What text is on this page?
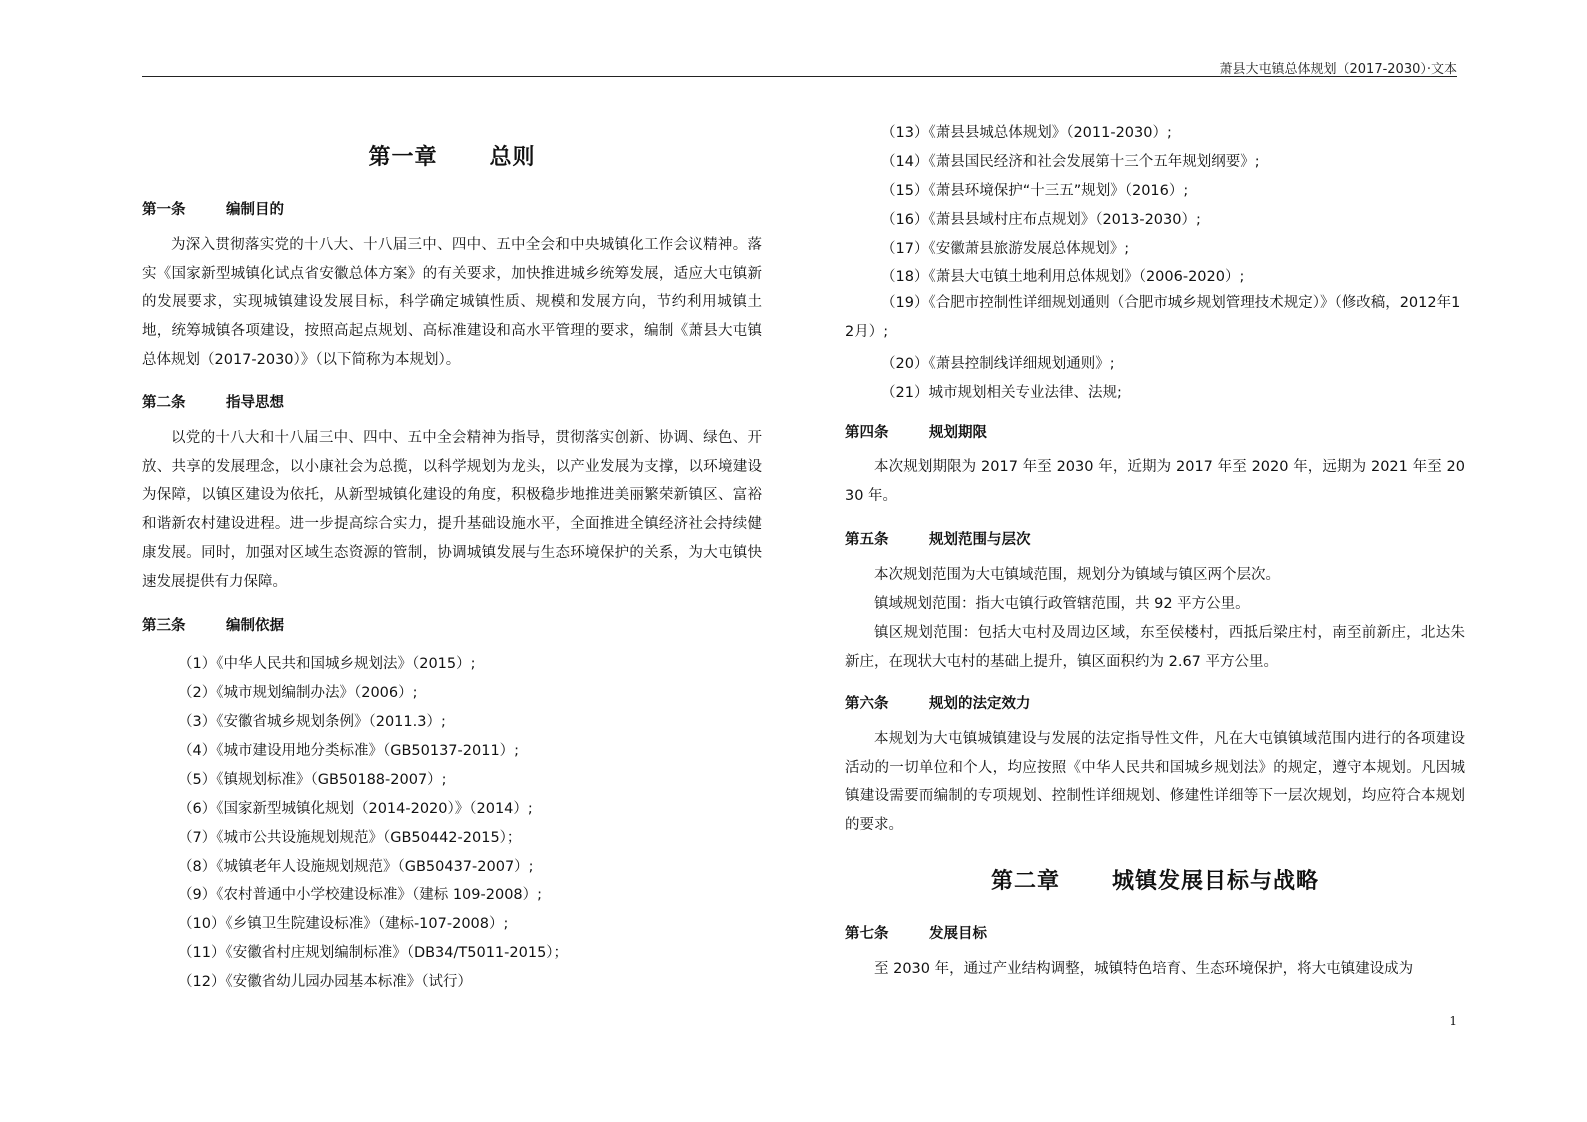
萧县大屯镇总体规划（2017-2030）·文本
第一章      总则
第一条	编制目的
为深入贯彻落实党的十八大、十八届三中、四中、五中全会和中央城镇化工作会议精神。落实《国家新型城镇化试点省安徽总体方案》的有关要求，加快推进城乡统筹发展，适应大屯镇新的发展要求，实现城镇建设发展目标，科学确定城镇性质、规模和发展方向，节约利用城镇土地，统筹城镇各项建设，按照高起点规划、高标准建设和高水平管理的要求，编制《萧县大屯镇总体规划（2017-2030）》（以下简称为本规划）。
第二条	指导思想
以党的十八大和十八届三中、四中、五中全会精神为指导，贯彻落实创新、协调、绿色、开放、共享的发展理念，以小康社会为总揽，以科学规划为龙头，以产业发展为支撑，以环境建设为保障，以镇区建设为依托，从新型城镇化建设的角度，积极稳步地推进美丽繁荣新镇区、富裕和谐新农村建设进程。进一步提高综合实力，提升基础设施水平，全面推进全镇经济社会持续健康发展。同时，加强对区域生态资源的管制，协调城镇发展与生态环境保护的关系，为大屯镇快速发展提供有力保障。
第三条	编制依据
（1）《中华人民共和国城乡规划法》（2015）;
（2）《城市规划编制办法》（2006）;
（3）《安徽省城乡规划条例》（2011.3）;
（4）《城市建设用地分类标准》（GB50137-2011）;
（5）《镇规划标准》（GB50188-2007）;
（6）《国家新型城镇化规划（2014-2020）》（2014）;
（7）《城市公共设施规划规范》（GB50442-2015）；
（8）《城镇老年人设施规划规范》（GB50437-2007）;
（9）《农村普通中小学校建设标准》（建标 109-2008）;
（10）《乡镇卫生院建设标准》（建标-107-2008）;
（11）《安徽省村庄规划编制标准》（DB34/T5011-2015）；
（12）《安徽省幼儿园办园基本标准》（试行）
（13）《萧县县城总体规划》（2011-2030）;
（14）《萧县国民经济和社会发展第十三个五年规划纲要》;
（15）《萧县环境保护“十三五”规划》（2016）;
（16）《萧县县域村庄布点规划》（2013-2030）;
（17）《安徽萧县旅游发展总体规划》;
（18）《萧县大屯镇土地利用总体规划》（2006-2020）;
（19）《合肥市控制性详细规划通则（合肥市城乡规划管理技术规定）》（修改稿，2012年12月）;
（20）《萧县控制线详细规划通则》;
（21）城市规划相关专业法律、法规;
第四条	规划期限
本次规划期限为 2017 年至 2030 年，近期为 2017 年至 2020 年，远期为 2021 年至 2030 年。
第五条	规划范围与层次
本次规划范围为大屯镇域范围，规划分为镇域与镇区两个层次。
镇域规划范围：指大屯镇行政管辖范围，共 92 平方公里。
镇区规划范围：包括大屯村及周边区域，东至侯楼村，西抵后梁庄村，南至前新庄，北达朱新庄，在现状大屯村的基础上提升，镇区面积约为 2.67 平方公里。
第六条	规划的法定效力
本规划为大屯镇城镇建设与发展的法定指导性文件，凡在大屯镇镇域范围内进行的各项建设活动的一切单位和个人，均应按照《中华人民共和国城乡规划法》的规定，遵守本规划。凡因城镇建设需要而编制的专项规划、控制性详细规划、修建性详细等下一层次规划，均应符合本规划的要求。
第二章      城镇发展目标与战略
第七条	发展目标
至 2030 年，通过产业结构调整，城镇特色培育、生态环境保护，将大屯镇建设成为
1
